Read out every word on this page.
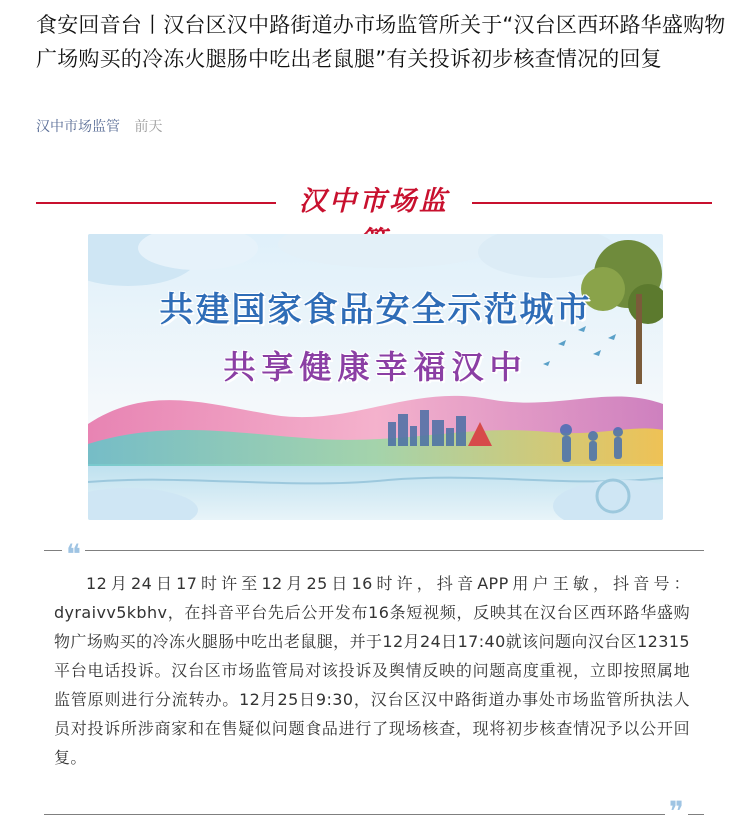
食安回音台丨汉台区汉中路街道办市场监管所关于“汉台区西环路华盛购物广场购买的冷冻火腿肠中吃出老鼠腿”有关投诉初步核查情况的回复
汉中市场监管 前天
汉中市场监
共建国家食品安全示范城市
共享健康幸福汉中
❝
12月24日17时许至12月25日16时许，抖音APP用户王敏，抖音号：dyraivv5kbhv，在抖音平台先后公开发布16条短视频，反映其在汉台区西环路华盛购物广场购买的冷冻火腿肠中吃出老鼠腿，并于12月24日17:40就该问题向汉台区12315平台电话投诉。汉台区市场监管局对该投诉及舆情反映的问题高度重视，立即按照属地监管原则进行分流转办。12月25日9:30，汉台区汉中路街道办事处市场监管所执法人员对投诉所涉商家和在售疑似问题食品进行了现场核查，现将初步核查情况予以公开回复。
❞
